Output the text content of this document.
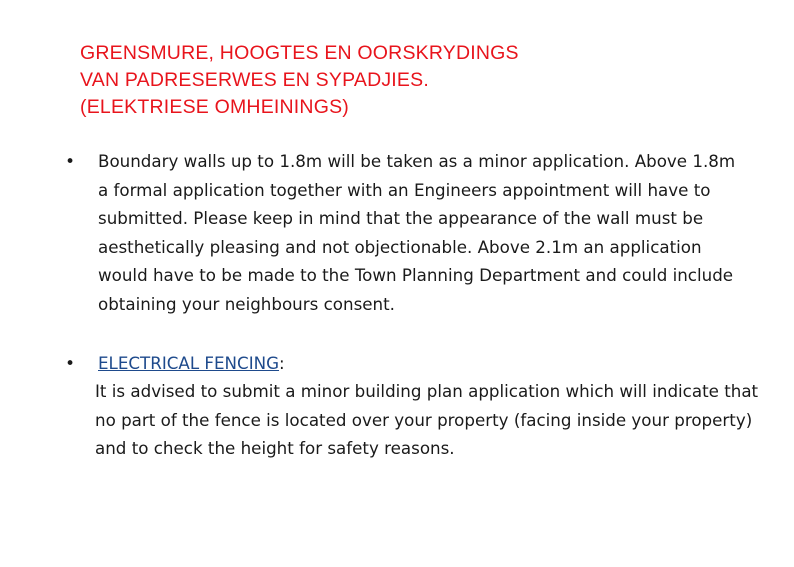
GRENSMURE, HOOGTES EN OORSKRYDINGS
VAN PADRESERWES EN SYPADJIES.
(ELEKTRIESE OMHEININGS)
•	Boundary walls up to 1.8m will be taken as a minor application. Above 1.8m a formal application together with an Engineers appointment will have to submitted. Please keep in mind that the appearance of the wall must be aesthetically pleasing and not objectionable. Above 2.1m an application would have to be made to the Town Planning Department and could include obtaining your neighbours consent.
•	ELECTRICAL FENCING:
It is advised to submit a minor building plan application which will indicate that no part of the fence is located over your property (facing inside your property) and to check the height for safety reasons.
